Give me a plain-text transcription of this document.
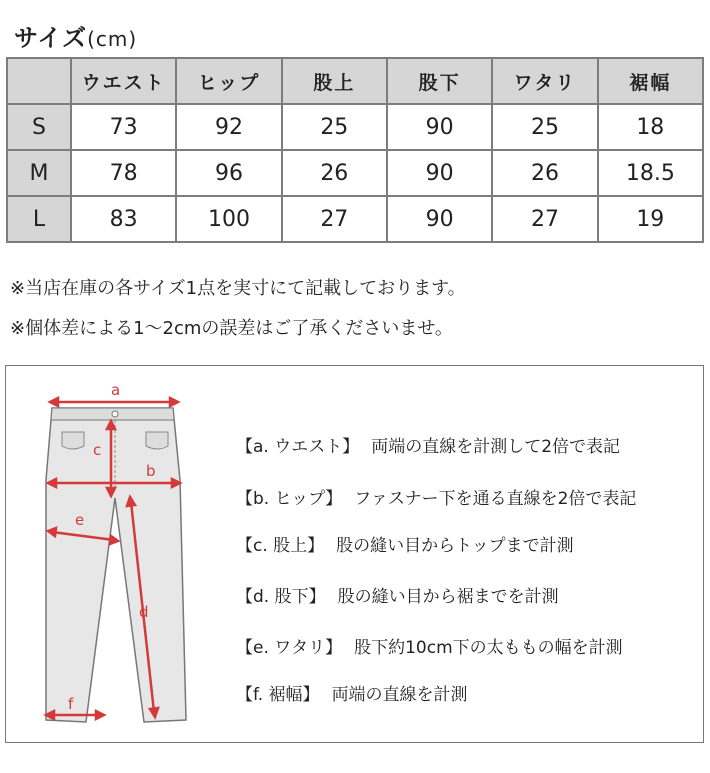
サイズ(cm)
	ウエスト	ヒップ	股上	股下	ワタリ	裾幅
S	73	92	25	90	25	18
M	78	96	26	90	26	18.5
L	83	100	27	90	27	19
※当店在庫の各サイズ1点を実寸にて記載しております。
※個体差による1〜2cmの誤差はご了承くださいませ。
a
b
c
d
e
f
【a. ウエスト】 両端の直線を計測して2倍で表記
【b. ヒップ】 ファスナー下を通る直線を2倍で表記
【c. 股上】 股の縫い目からトップまで計測
【d. 股下】 股の縫い目から裾までを計測
【e. ワタリ】 股下約10cm下の太ももの幅を計測
【f. 裾幅】 両端の直線を計測
